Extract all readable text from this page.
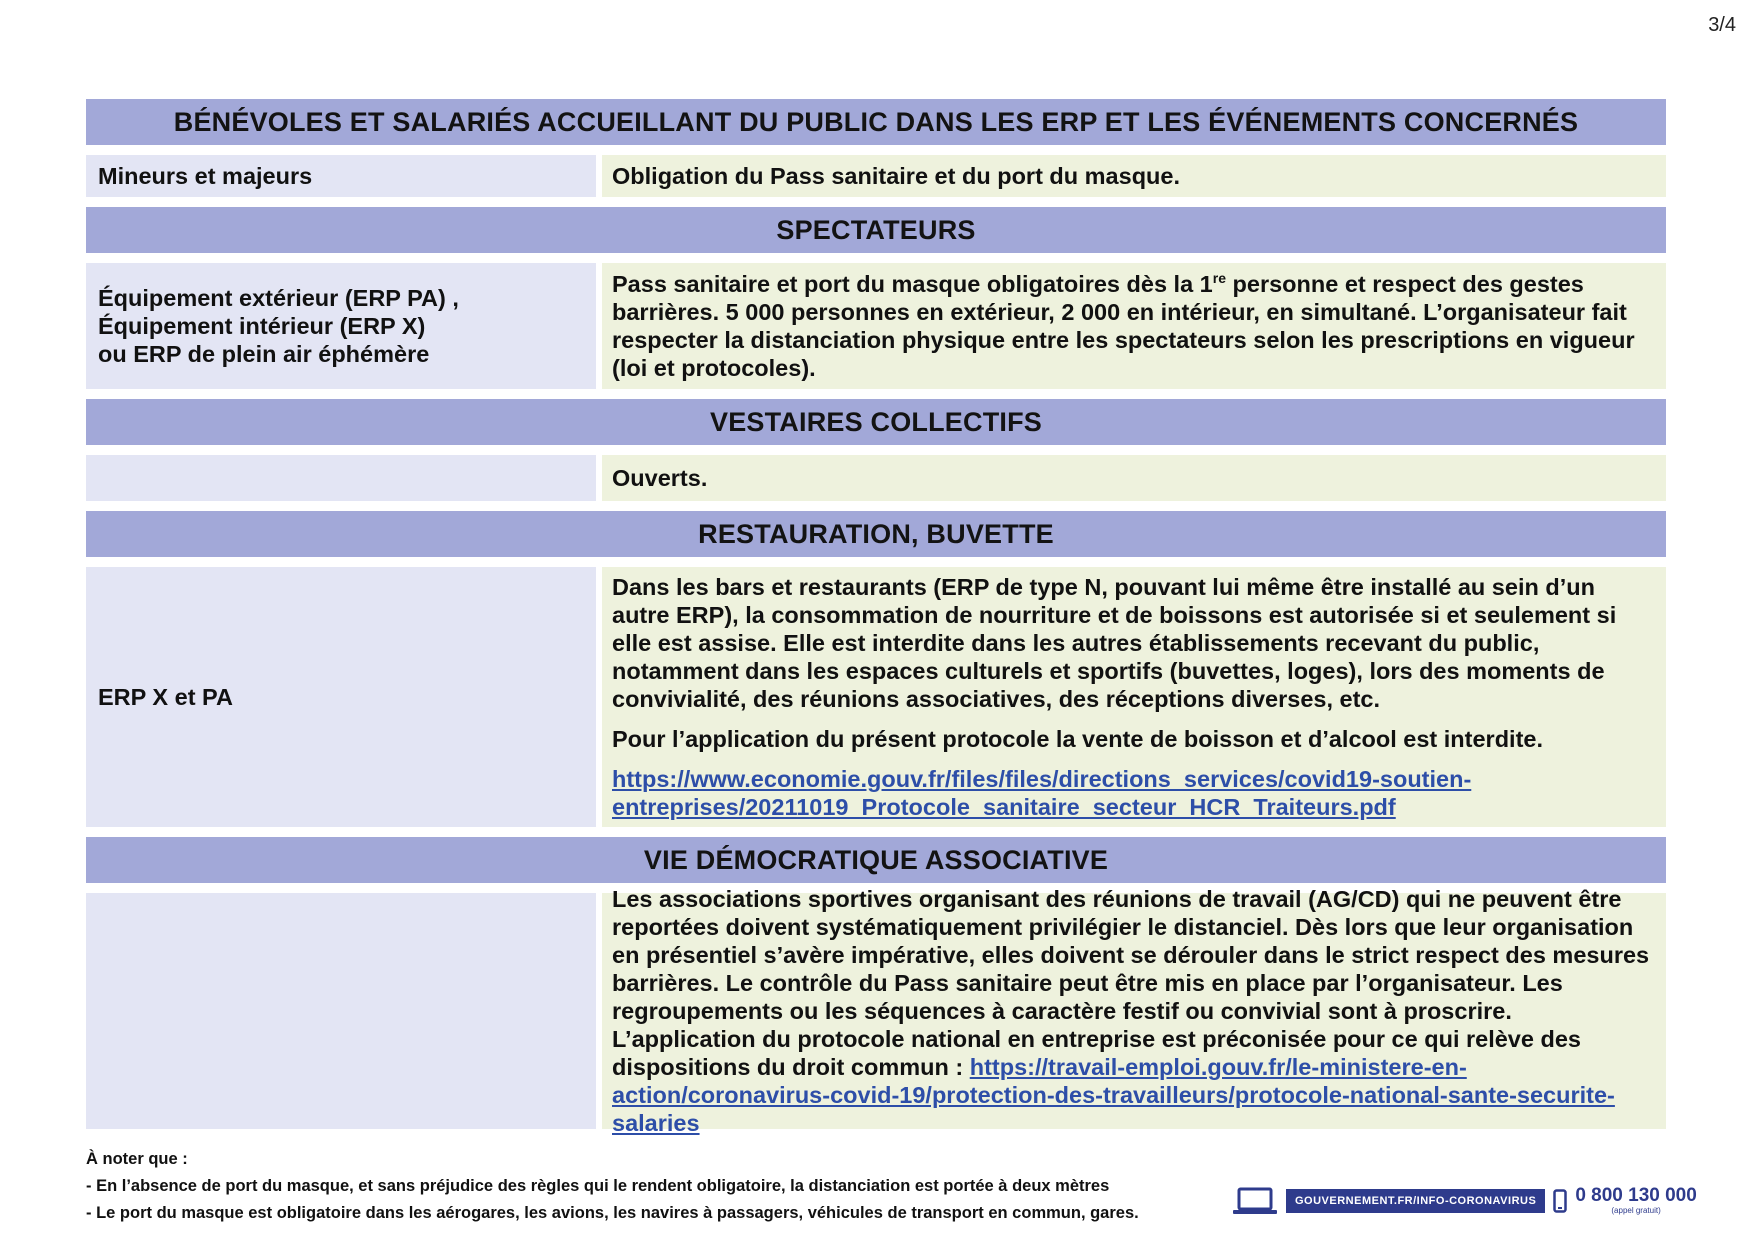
3/4
BÉNÉVOLES ET SALARIÉS ACCUEILLANT DU PUBLIC DANS LES ERP ET LES ÉVÉNEMENTS CONCERNÉS
Mineurs et majeurs	Obligation du Pass sanitaire et du port du masque.

SPECTATEURS
Équipement extérieur (ERP PA) ,
Équipement intérieur (ERP X)
ou ERP de plein air éphémère

Pass sanitaire et port du masque obligatoires dès la 1re personne et respect des gestes barrières. 5 000 personnes en extérieur, 2 000 en intérieur, en simultané. L’organisateur fait respecter la distanciation physique entre les spectateurs selon les prescriptions en vigueur (loi et protocoles).

VESTAIRES COLLECTIFS

Ouverts.

RESTAURATION, BUVETTE
ERP X et PA

Dans les bars et restaurants (ERP de type N, pouvant lui même être installé au sein d’un autre ERP), la consommation de nourriture et de boissons est autorisée si et seulement si elle est assise. Elle est interdite dans les autres établissements recevant du public, notamment dans les espaces culturels et sportifs (buvettes, loges), lors des moments de convivialité, des réunions associatives, des réceptions diverses, etc.

Pour l’application du présent protocole la vente de boisson et d’alcool est interdite.

https://www.economie.gouv.fr/files/files/directions_services/covid19-soutien-entreprises/20211019_Protocole_sanitaire_secteur_HCR_Traiteurs.pdf

VIE DÉMOCRATIQUE ASSOCIATIVE

Les associations sportives organisant des réunions de travail (AG/CD) qui ne peuvent être reportées doivent systématiquement privilégier le distanciel. Dès lors que leur organisation en présentiel s’avère impérative, elles doivent se dérouler dans le strict respect des mesures barrières. Le contrôle du Pass sanitaire peut être mis en place par l’organisateur. Les regroupements ou les séquences à caractère festif ou convivial sont à proscrire. L’application du protocole national en entreprise est préconisée pour ce qui relève des dispositions du droit commun : https://travail-emploi.gouv.fr/le-ministere-en-action/coronavirus-covid-19/protection-des-travailleurs/protocole-national-sante-securite-salaries

À noter que :
- En l’absence de port du masque, et sans préjudice des règles qui le rendent obligatoire, la distanciation est portée à deux mètres
- Le port du masque est obligatoire dans les aérogares, les avions, les navires à passagers, véhicules de transport en commun, gares.
GOUVERNEMENT.FR/INFO-CORONAVIRUS	0 800 130 000
(appel gratuit)
